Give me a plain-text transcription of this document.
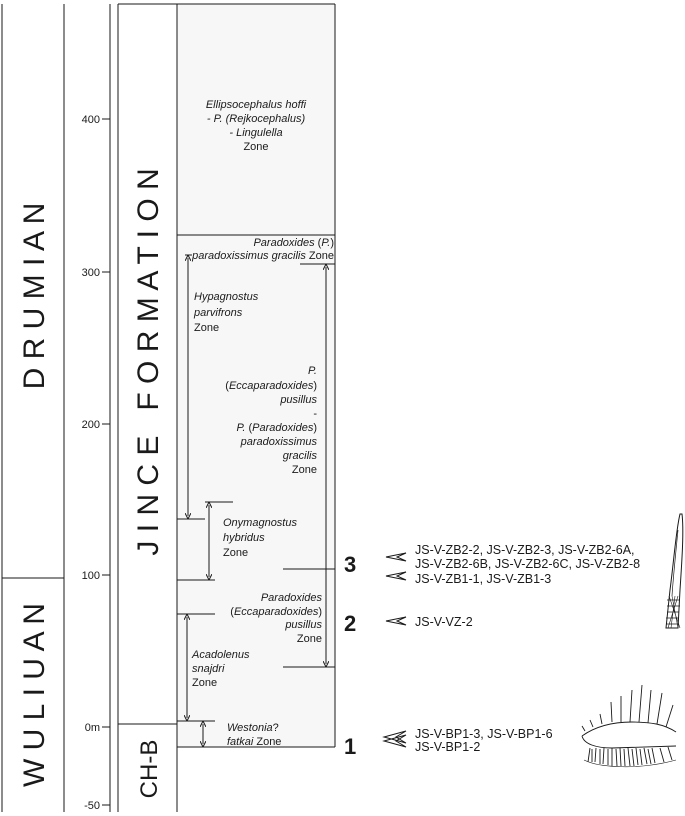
400
300
200
100
0m
-50
D R U M I A N
W U L I U A N
J I N C E   F O R M A T I O N
CH-B
Ellipsocephalus hoffi
- P. (Rejkocephalus)
- Lingulella
Zone
Paradoxides (P.)
paradoxissimus gracilis Zone
Hypagnostus
parvifrons
Zone
P.
(Eccaparadoxides)
pusillus
-
P. (Paradoxides)
paradoxissimus
gracilis
Zone
Onymagnostus
hybridus
Zone
Paradoxides
(Eccaparadoxides)
pusillus
Zone
Acadolenus
snajdri
Zone
Westonia?
fatkai Zone
3
JS-V-ZB2-2, JS-V-ZB2-3, JS-V-ZB2-6A,
JS-V-ZB2-6B, JS-V-ZB2-6C, JS-V-ZB2-8
JS-V-ZB1-1, JS-V-ZB1-3
2	JS-V-VZ-2
1	JS-V-BP1-3, JS-V-BP1-6
JS-V-BP1-2
